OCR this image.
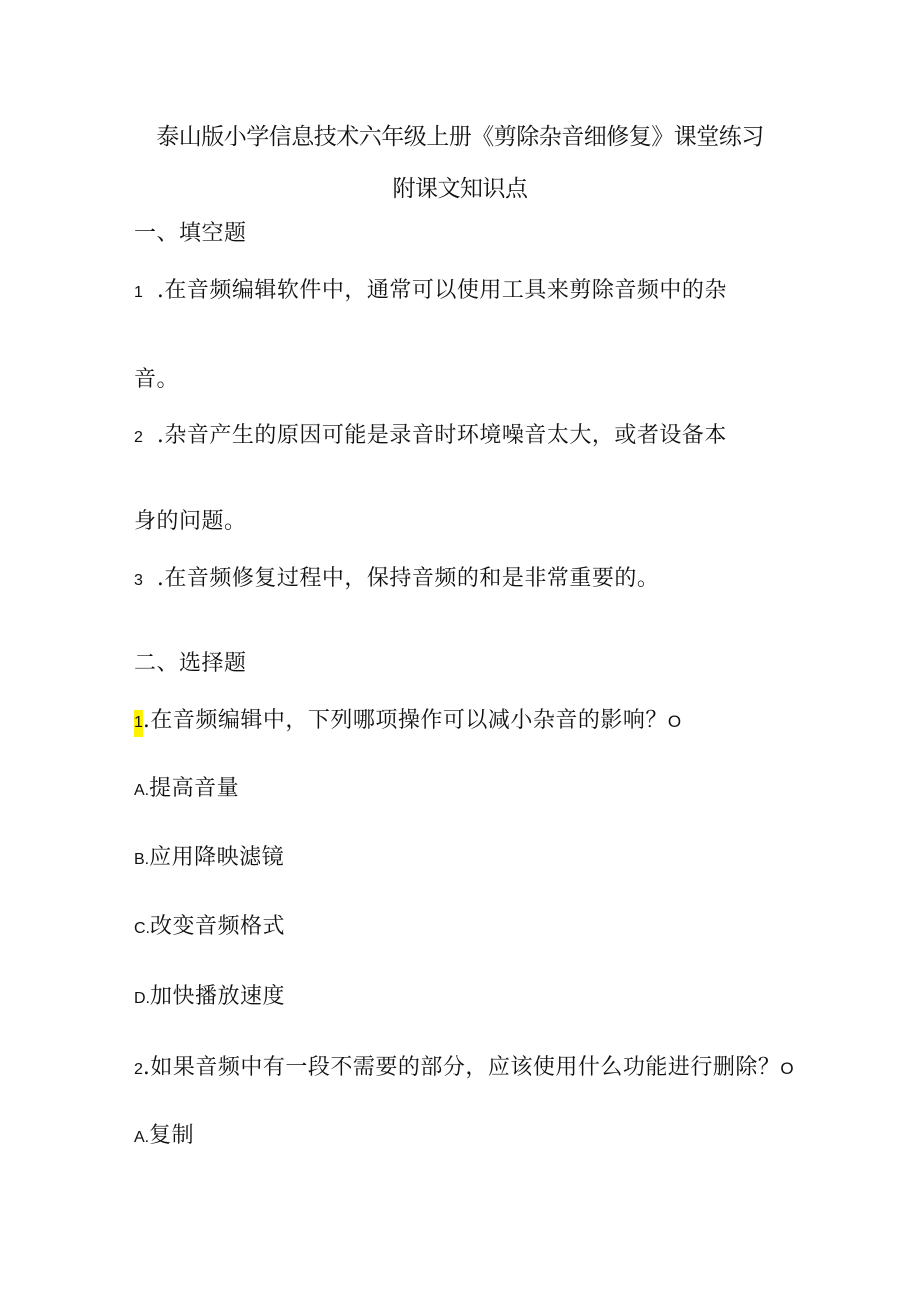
泰山版小学信息技术六年级上册《剪除杂音细修复》课堂练习
附课文知识点
一、填空题
1 .在音频编辑软件中，通常可以使用工具来剪除音频中的杂
音。
2 .杂音产生的原因可能是录音时环境噪音太大，或者设备本
身的问题。
3 .在音频修复过程中，保持音频的和是非常重要的。
二、选择题
1.在音频编辑中，下列哪项操作可以减小杂音的影响？O
A.提高音量
B.应用降映滤镜
C.改变音频格式
D.加快播放速度
2.如果音频中有一段不需要的部分，应该使用什么功能进行删除？O
A.复制
